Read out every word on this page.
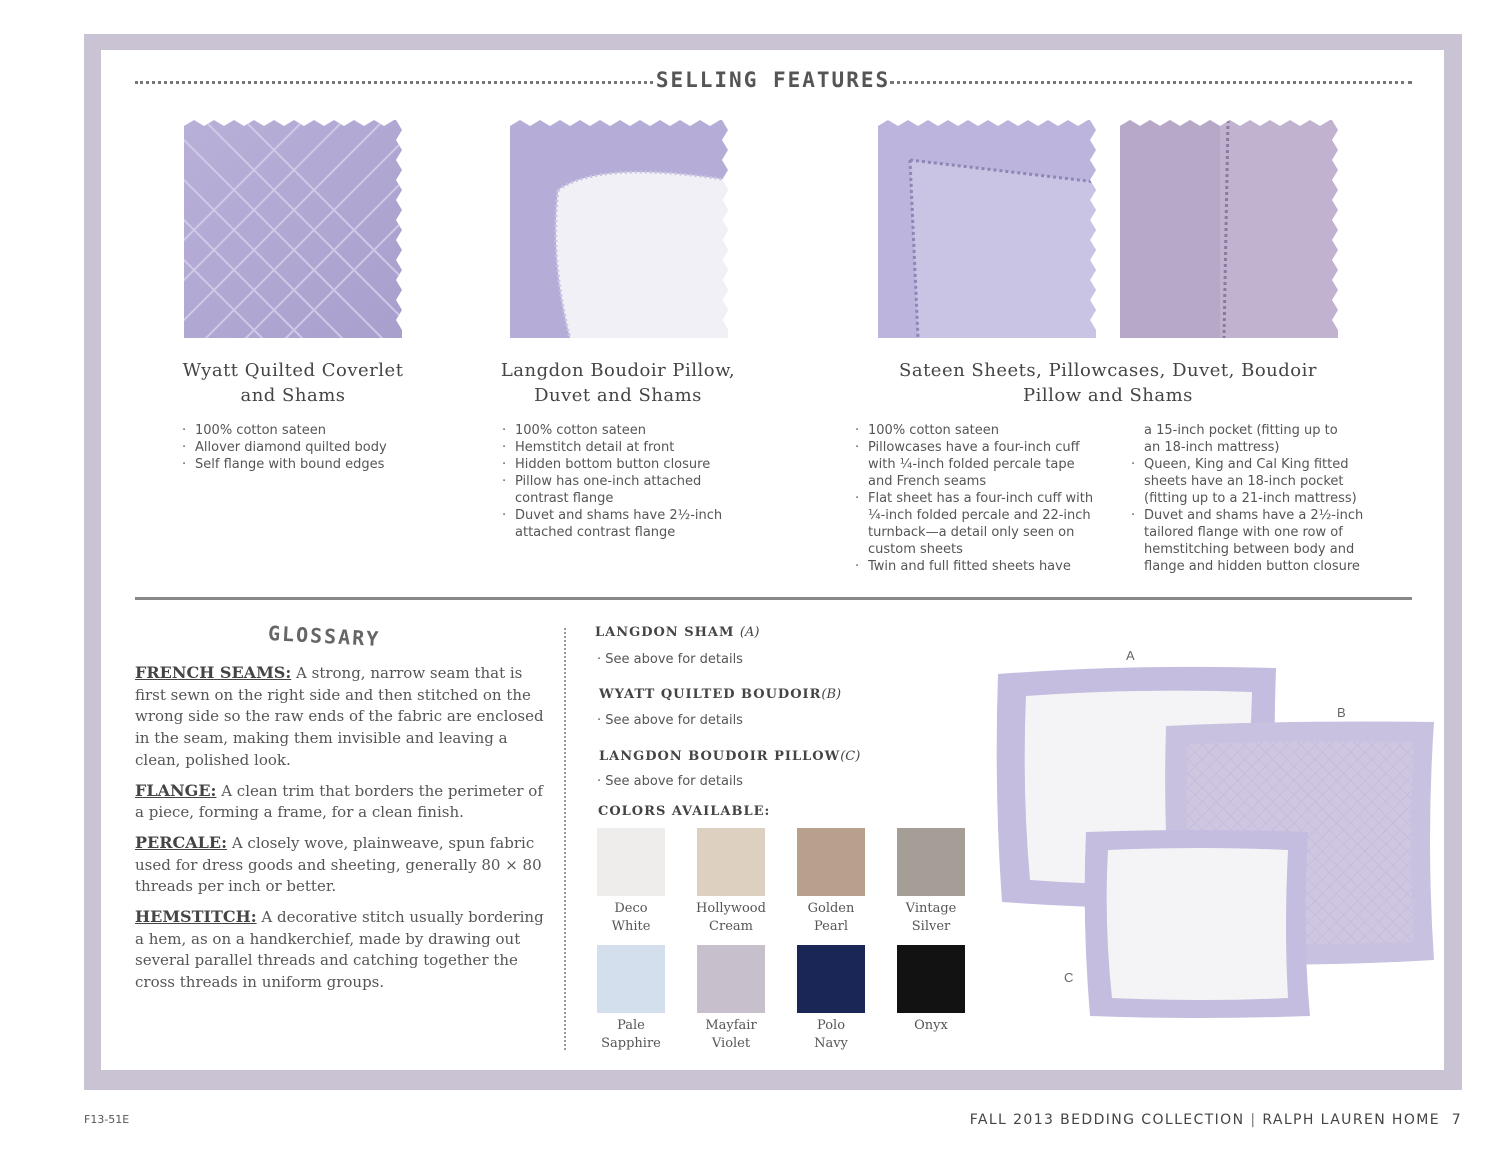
SELLING FEATURES
Wyatt Quilted Coverlet
and Shams
Langdon Boudoir Pillow,
Duvet and Shams
Sateen Sheets, Pillowcases, Duvet, Boudoir
Pillow and Shams
· 100% cotton sateen
· Allover diamond quilted body
· Self flange with bound edges
· 100% cotton sateen
· Hemstitch detail at front
· Hidden bottom button closure
· Pillow has one-inch attached
contrast flange
· Duvet and shams have 2½-inch
attached contrast flange
· 100% cotton sateen
· Pillowcases have a four-inch cuff
with ¼-inch folded percale tape
and French seams
· Flat sheet has a four-inch cuff with
¼-inch folded percale and 22-inch
turnback—a detail only seen on
custom sheets
· Twin and full fitted sheets have
a 15-inch pocket (fitting up to
an 18-inch mattress)
· Queen, King and Cal King fitted
sheets have an 18-inch pocket
(fitting up to a 21-inch mattress)
· Duvet and shams have a 2½-inch
tailored flange with one row of
hemstitching between body and
flange and hidden button closure
GLOSSARY

FRENCH SEAMS: A strong, narrow seam that is first sewn on the right side and then stitched on the wrong side so the raw ends of the fabric are enclosed in the seam, making them invisible and leaving a clean, polished look.

FLANGE: A clean trim that borders the perimeter of a piece, forming a frame, for a clean finish.

PERCALE: A closely wove, plainweave, spun fabric used for dress goods and sheeting, generally 80 × 80 threads per inch or better.

HEMSTITCH: A decorative stitch usually bordering a hem, as on a handkerchief, made by drawing out several parallel threads and catching together the cross threads in uniform groups.

LANGDON SHAM (A)
· See above for details
WYATT QUILTED BOUDOIR(B)
· See above for details
LANGDON BOUDOIR PILLOW(C)
· See above for details
COLORS AVAILABLE:
Deco
White
Hollywood
Cream
Golden
Pearl
Vintage
Silver
Pale
Sapphire
Mayfair
Violet
Polo
Navy
Onyx
A
B
C
F13-51E	FALL 2013 BEDDING COLLECTION | RALPH LAUREN HOME 7
